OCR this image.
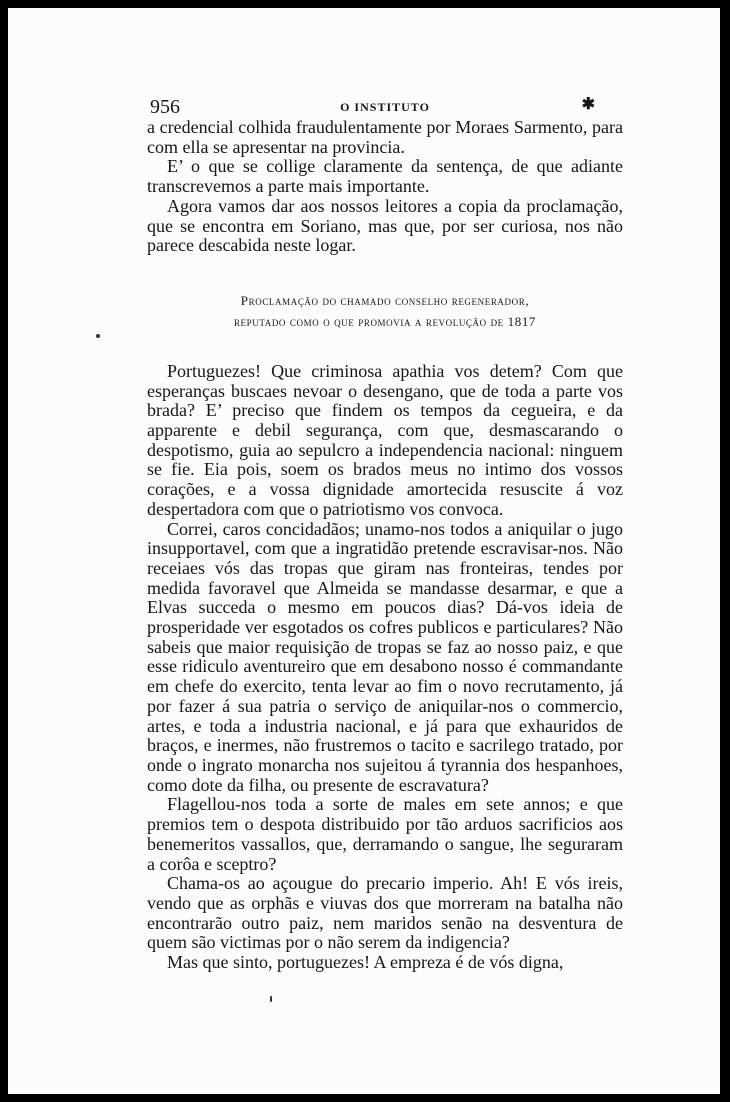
956	O INSTITUTO	✱

a credencial colhida fraudulentamente por Moraes Sarmento, para com ella se apresentar na provincia.

E’ o que se collige claramente da sentença, de que adiante transcrevemos a parte mais importante.

Agora vamos dar aos nossos leitores a copia da proclamação, que se encontra em Soriano, mas que, por ser curiosa, nos não parece descabida neste logar.

Proclamação do chamado conselho regenerador,
reputado como o que promovia a revolução de 1817

Portuguezes! Que criminosa apathia vos detem? Com que esperanças buscaes nevoar o desengano, que de toda a parte vos brada? E’ preciso que findem os tempos da cegueira, e da apparente e debil segurança, com que, desmascarando o despotismo, guia ao sepulcro a independencia nacional: ninguem se fie. Eia pois, soem os brados meus no intimo dos vossos corações, e a vossa dignidade amortecida resuscite á voz despertadora com que o patriotismo vos convoca.

Correi, caros concidadãos; unamo-nos todos a aniquilar o jugo insupportavel, com que a ingratidão pretende escravisar-nos. Não receiaes vós das tropas que giram nas fronteiras, tendes por medida favoravel que Almeida se mandasse desarmar, e que a Elvas succeda o mesmo em poucos dias? Dá-vos ideia de prosperidade ver esgotados os cofres publicos e particulares? Não sabeis que maior requisição de tropas se faz ao nosso paiz, e que esse ridiculo aventureiro que em desabono nosso é commandante em chefe do exercito, tenta levar ao fim o novo recrutamento, já por fazer á sua patria o serviço de aniquilar-nos o commercio, artes, e toda a industria nacional, e já para que exhauridos de braços, e inermes, não frustremos o tacito e sacrilego tratado, por onde o ingrato monarcha nos sujeitou á tyrannia dos hespanhoes, como dote da filha, ou presente de escravatura?

Flagellou-nos toda a sorte de males em sete annos; e que premios tem o despota distribuido por tão arduos sacrificios aos benemeritos vassallos, que, derramando o sangue, lhe seguraram a corôa e sceptro?

Chama-os ao açougue do precario imperio. Ah! E vós ireis, vendo que as orphãs e viuvas dos que morreram na batalha não encontrarão outro paiz, nem maridos senão na desventura de quem são victimas por o não serem da indigencia?

Mas que sinto, portuguezes! A empreza é de vós digna,
